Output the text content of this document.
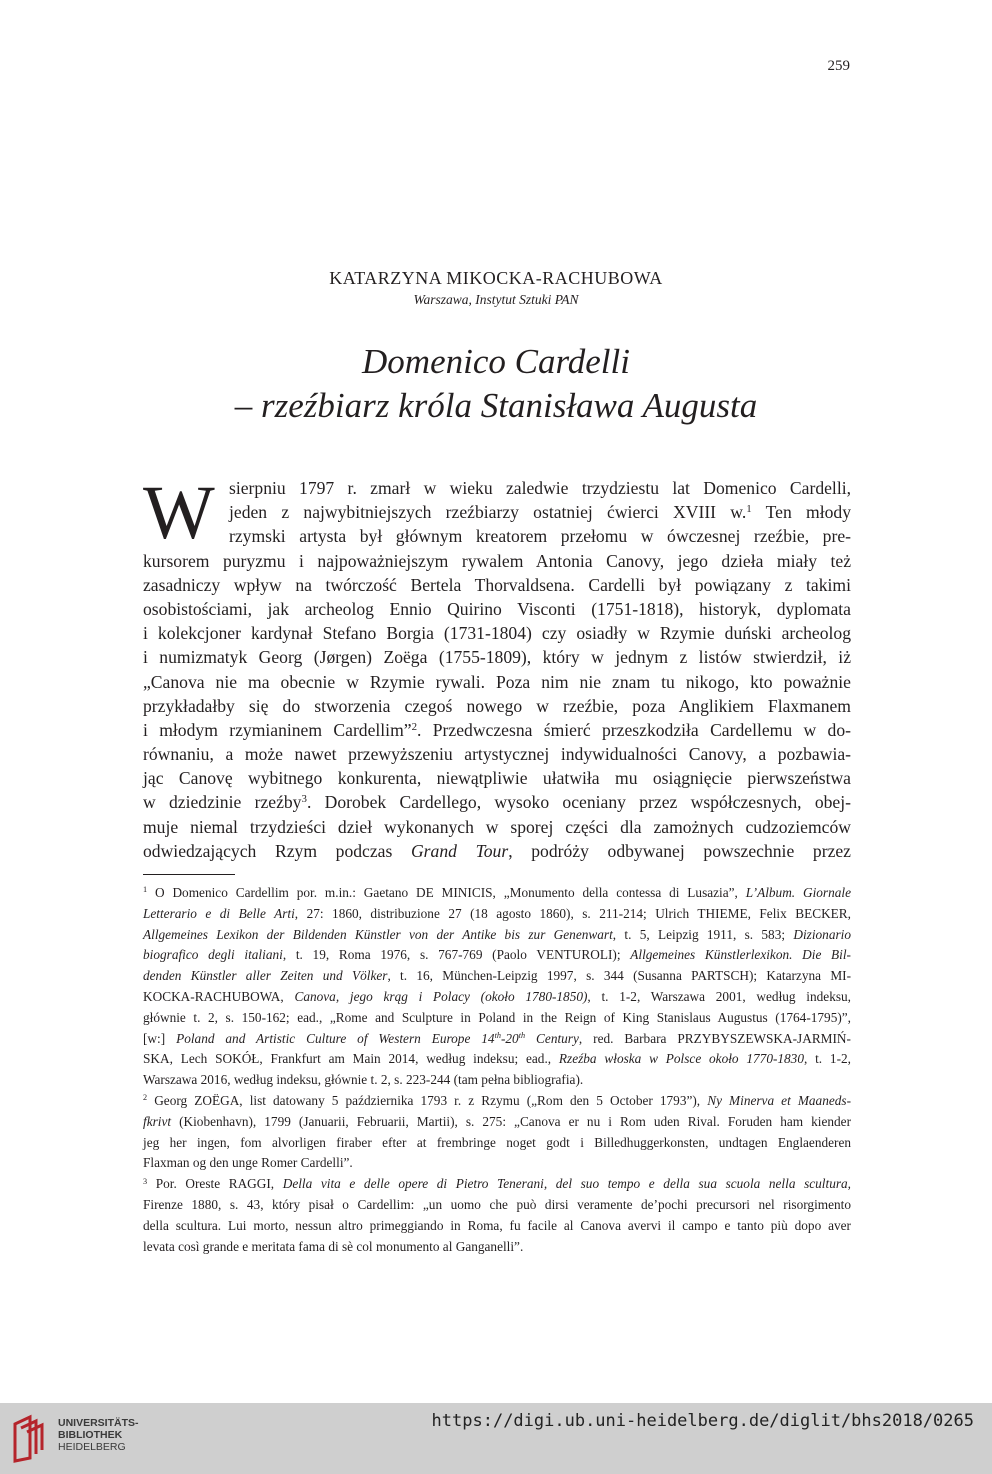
259
KATARZYNA MIKOCKA-RACHUBOWA
Warszawa, Instytut Sztuki PAN
Domenico Cardelli
– rzeźbiarz króla Stanisława Augusta
W sierpniu 1797 r. zmarł w wieku zaledwie trzydziestu lat Domenico Cardelli,
jeden z najwybitniejszych rzeźbiarzy ostatniej ćwierci XVIII w.$^1$ Ten młody
rzymski artysta był głównym kreatorem przełomu w ówczesnej rzeźbie, pre-
kursorem puryzmu i najpoważniejszym rywalem Antonia Canovy, jego dzieła miały też
zasadniczy wpływ na twórczość Bertela Thorvaldsena. Cardelli był powiązany z takimi
osobistościami, jak archeolog Ennio Quirino Visconti (1751-1818), historyk, dyplomata
i kolekcjoner kardynał Stefano Borgia (1731-1804) czy osiadły w Rzymie duński archeolog
i numizmatyk Georg (Jørgen) Zoëga (1755-1809), który w jednym z listów stwierdził, iż
„Canova nie ma obecnie w Rzymie rywali. Poza nim nie znam tu nikogo, kto poważnie
przykładałby się do stworzenia czegoś nowego w rzeźbie, poza Anglikiem Flaxmanem
i młodym rzymianinem Cardellim”$^2$. Przedwczesna śmierć przeszkodziła Cardellemu w do-
równaniu, a może nawet przewyższeniu artystycznej indywidualności Canovy, a pozbawia-
jąc Canovę wybitnego konkurenta, niewątpliwie ułatwiła mu osiągnięcie pierwszeństwa
w dziedzinie rzeźby$^3$. Dorobek Cardellego, wysoko oceniany przez współczesnych, obej-
muje niemal trzydzieści dzieł wykonanych w sporej części dla zamożnych cudzoziemców
odwiedzających Rzym podczas Grand Tour, podróży odbywanej powszechnie przez
$^1$ O Domenico Cardellim por. m.in.: Gaetano DE MINICIS, „Monumento della contessa di Lusazia”, L’Album. Giornale
Letterario e di Belle Arti, 27: 1860, distribuzione 27 (18 agosto 1860), s. 211-214; Ulrich THIEME, Felix BECKER,
Allgemeines Lexikon der Bildenden Künstler von der Antike bis zur Genenwart, t. 5, Leipzig 1911, s. 583; Dizionario
biografico degli italiani, t. 19, Roma 1976, s. 767-769 (Paolo VENTUROLI); Allgemeines Künstlerlexikon. Die Bil-
denden Künstler aller Zeiten und Völker, t. 16, München-Leipzig 1997, s. 344 (Susanna PARTSCH); Katarzyna MI-
KOCKA-RACHUBOWA, Canova, jego krąg i Polacy (około 1780-1850), t. 1-2, Warszawa 2001, według indeksu,
głównie t. 2, s. 150-162; ead., „Rome and Sculpture in Poland in the Reign of King Stanislaus Augustus (1764-1795)”,
[w:] Poland and Artistic Culture of Western Europe 14th-20th Century, red. Barbara PRZYBYSZEWSKA-JARMIŃ-
SKA, Lech SOKÓŁ, Frankfurt am Main 2014, według indeksu; ead., Rzeźba włoska w Polsce około 1770-1830, t. 1-2,
Warszawa 2016, według indeksu, głównie t. 2, s. 223-244 (tam pełna bibliografia).
$^2$ Georg ZOËGA, list datowany 5 października 1793 r. z Rzymu („Rom den 5 October 1793”), Ny Minerva et Maaneds-
fkrivt (Kiobenhavn), 1799 (Januarii, Februarii, Martii), s. 275: „Canova er nu i Rom uden Rival. Foruden ham kiender
jeg her ingen, fom alvorligen firaber efter at frembringe noget godt i Billedhuggerkonsten, undtagen Englaenderen
Flaxman og den unge Romer Cardelli”.
$^3$ Por. Oreste RAGGI, Della vita e delle opere di Pietro Tenerani, del suo tempo e della sua scuola nella scultura,
Firenze 1880, s. 43, który pisał o Cardellim: „un uomo che può dirsi veramente de’pochi precursori nel risorgimento
della scultura. Lui morto, nessun altro primeggiando in Roma, fu facile al Canova avervi il campo e tanto più dopo aver
levata così grande e meritata fama di sè col monumento al Ganganelli”.
UNIVERSITÄTS-
BIBLIOTHEK
HEIDELBERG
https://digi.ub.uni-heidelberg.de/diglit/bhs2018/0265
